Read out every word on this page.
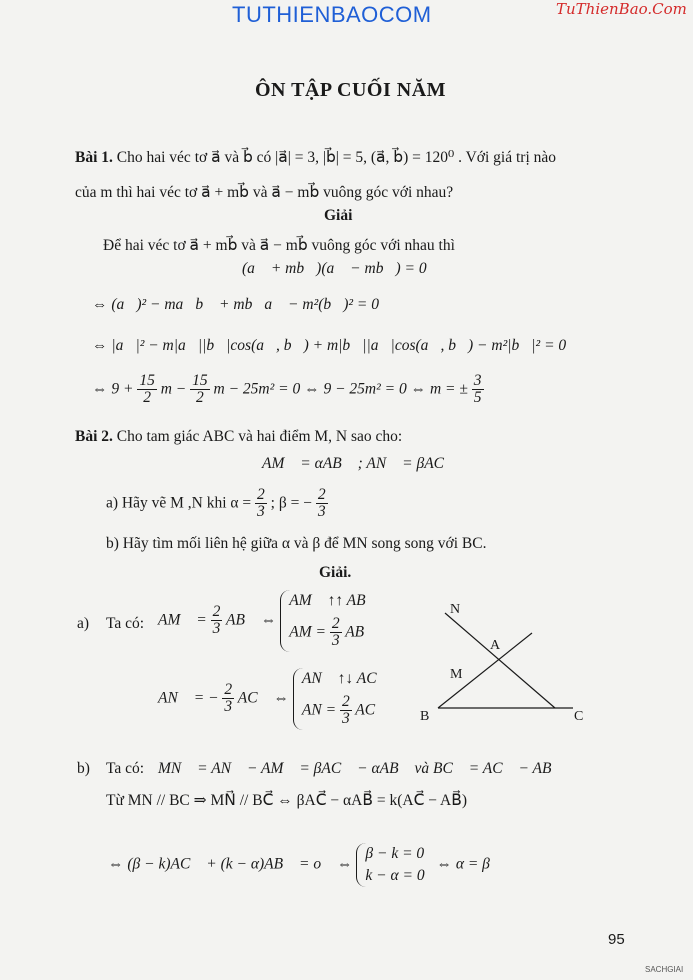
TUTHIENBAOCOM	TuThienBao.Com
ÔN TẬP CUỐI NĂM
Bài 1. Cho hai véc tơ a⃗ và b⃗ có |a⃗| = 3, |b⃗| = 5, (a⃗, b⃗) = 120⁰ . Với giá trị nào
của m thì hai véc tơ a⃗ + mb⃗ và a⃗ − mb⃗ vuông góc với nhau?
Giải
Để hai véc tơ a⃗ + mb⃗ và a⃗ − mb⃗ vuông góc với nhau thì
(a⃗ + mb⃗)(a⃗ − mb⃗) = 0
⇔ (a⃗)² − ma⃗b⃗ + mb⃗a⃗ − m²(b⃗)² = 0
⇔ |a⃗|² − m|a⃗||b⃗|cos(a⃗, b⃗) + m|b⃗||a⃗|cos(a⃗, b⃗) − m²|b⃗|² = 0
⇔ $9 + \frac{15}{2}$ $m - \frac{15}{2}$ m − 25m² = 0 ⇔ 9 − 25m² = 0 ⇔ m = ± $\frac{3}{5}$
Bài 2. Cho tam giác ABC và hai điểm M, N sao cho:
AM⃗ = αAB⃗ ; AN⃗ = βAC⃗
a) Hãy vẽ M ,N khi $\alpha = \frac{2}{3}$ ; β = − $\frac{2}{3}$
b) Hãy tìm mối liên hệ giữa α và β để MN song song với BC.
Giải.
a) Ta có: AM⃗ = $\frac{2}{3}$ AB⃗ ⇔
AM⃗ ↑↑ AB⃗
AM = $\frac{2}{3}$ AB
AN⃗ = − $\frac{2}{3}$ AC⃗ ⇔
AN⃗ ↑↓ AC⃗
AN = $\frac{2}{3}$ AC
N
A
M
B	C
b) Ta có: MN⃗ = AN⃗ − AM⃗ = βAC⃗ − αAB⃗ và BC⃗ = AC⃗ − AB⃗
Từ MN // BC ⇒ MN⃗ // BC⃗ ⇔ βAC⃗ − αAB⃗ = k(AC⃗ − AB⃗)
⇔ (β − k)AC⃗ + (k − α)AB⃗ = o⃗ ⇔
β − k = 0
k − α = 0
⇔ α = β
95
SACHGIAI
